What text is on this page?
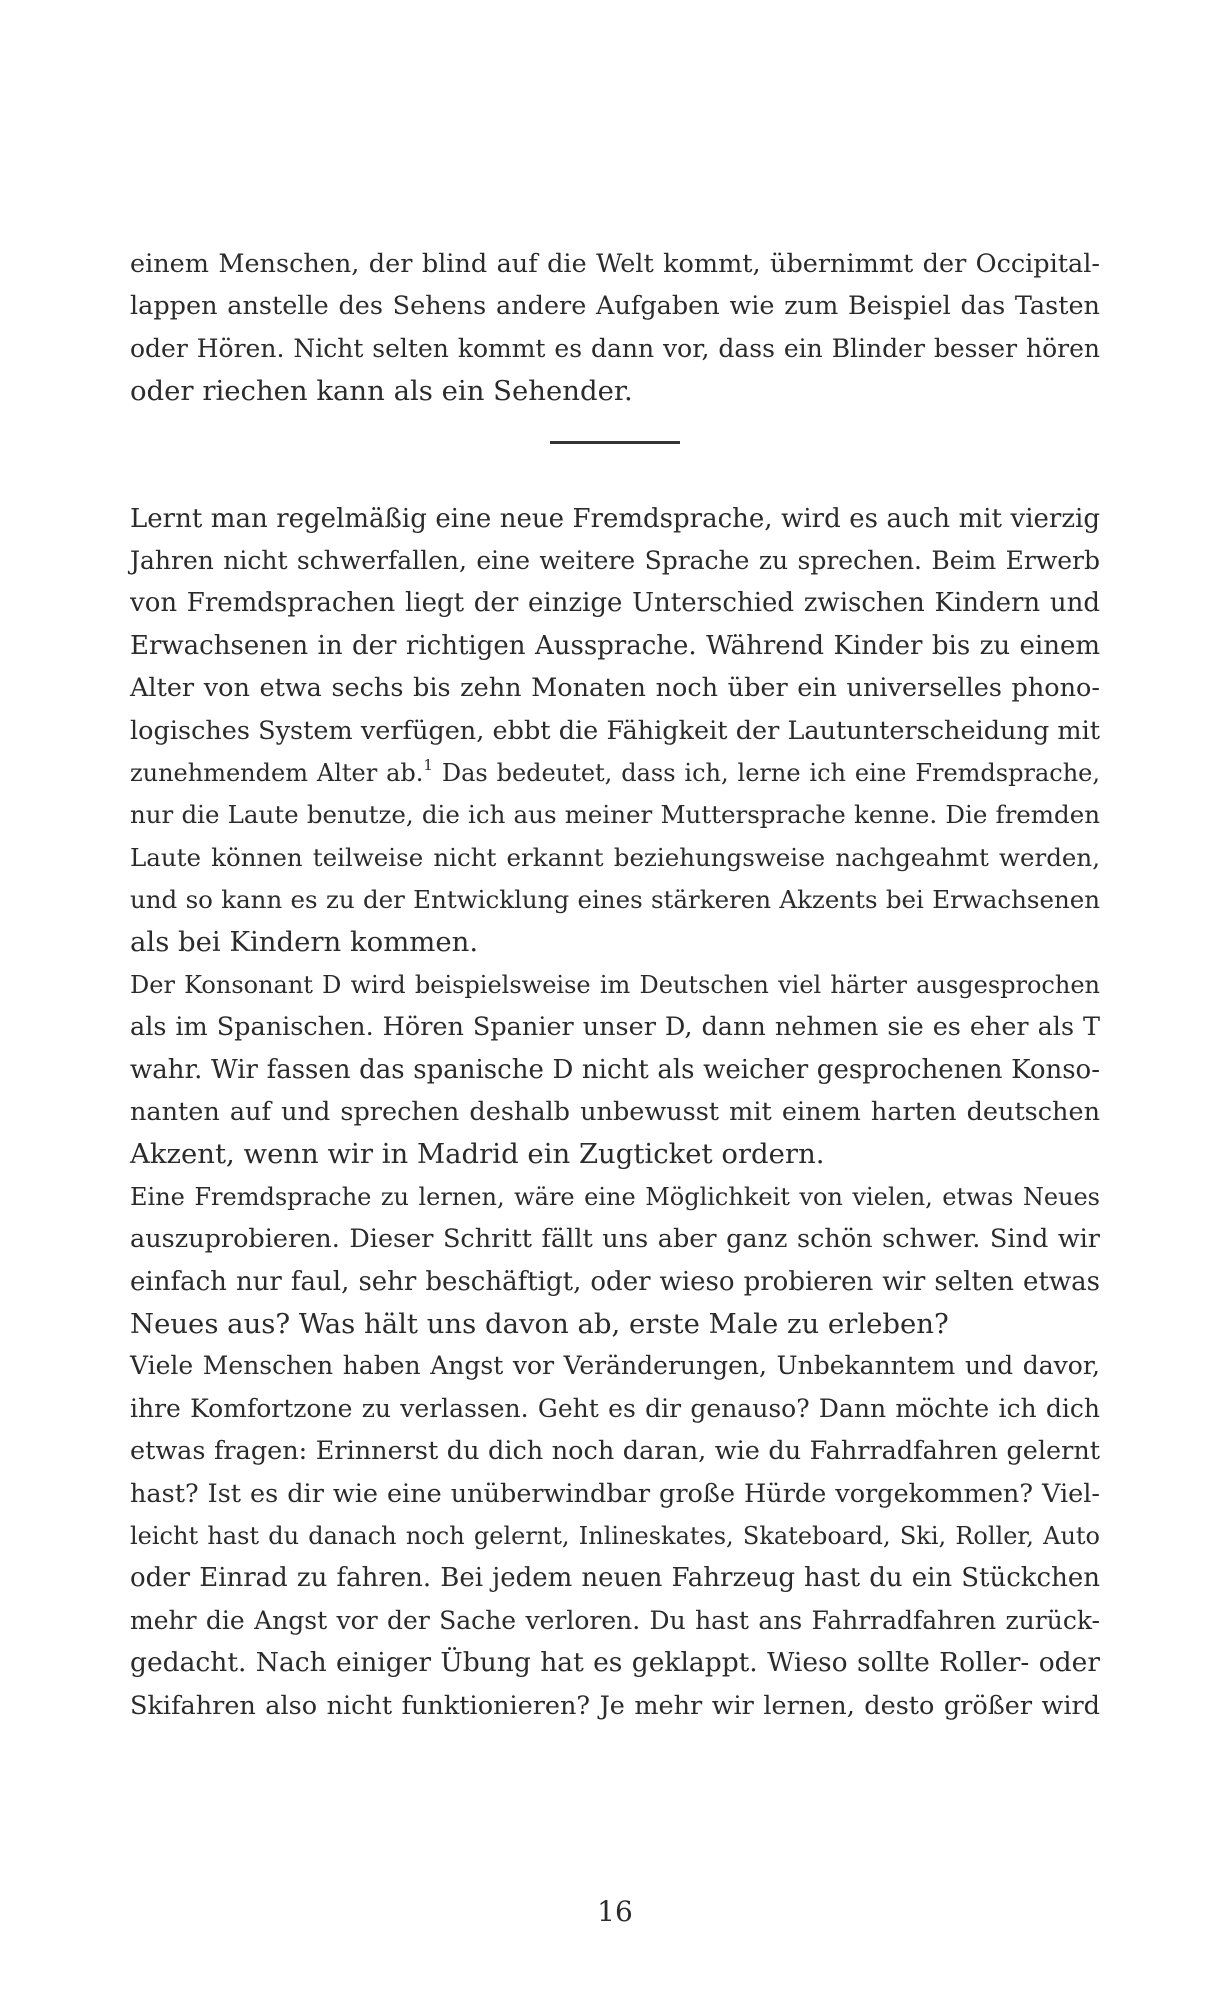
einem Menschen, der blind auf die Welt kommt, übernimmt der Occipital-
lappen anstelle des Sehens andere Aufgaben wie zum Beispiel das Tasten
oder Hören. Nicht selten kommt es dann vor, dass ein Blinder besser hören
oder riechen kann als ein Sehender.
Lernt man regelmäßig eine neue Fremdsprache, wird es auch mit vierzig
Jahren nicht schwerfallen, eine weitere Sprache zu sprechen. Beim Erwerb
von Fremdsprachen liegt der einzige Unterschied zwischen Kindern und
Erwachsenen in der richtigen Aussprache. Während Kinder bis zu einem
Alter von etwa sechs bis zehn Monaten noch über ein universelles phono-
logisches System verfügen, ebbt die Fähigkeit der Lautunterscheidung mit
zunehmendem Alter ab.$^1$ Das bedeutet, dass ich, lerne ich eine Fremdsprache,
nur die Laute benutze, die ich aus meiner Muttersprache kenne. Die fremden
Laute können teilweise nicht erkannt beziehungsweise nachgeahmt werden,
und so kann es zu der Entwicklung eines stärkeren Akzents bei Erwachsenen
als bei Kindern kommen.
Der Konsonant D wird beispielsweise im Deutschen viel härter ausgesprochen
als im Spanischen. Hören Spanier unser D, dann nehmen sie es eher als T
wahr. Wir fassen das spanische D nicht als weicher gesprochenen Konso-
nanten auf und sprechen deshalb unbewusst mit einem harten deutschen
Akzent, wenn wir in Madrid ein Zugticket ordern.
Eine Fremdsprache zu lernen, wäre eine Möglichkeit von vielen, etwas Neues
auszuprobieren. Dieser Schritt fällt uns aber ganz schön schwer. Sind wir
einfach nur faul, sehr beschäftigt, oder wieso probieren wir selten etwas
Neues aus? Was hält uns davon ab, erste Male zu erleben?
Viele Menschen haben Angst vor Veränderungen, Unbekanntem und davor,
ihre Komfortzone zu verlassen. Geht es dir genauso? Dann möchte ich dich
etwas fragen: Erinnerst du dich noch daran, wie du Fahrradfahren gelernt
hast? Ist es dir wie eine unüberwindbar große Hürde vorgekommen? Viel-
leicht hast du danach noch gelernt, Inlineskates, Skateboard, Ski, Roller, Auto
oder Einrad zu fahren. Bei jedem neuen Fahrzeug hast du ein Stückchen
mehr die Angst vor der Sache verloren. Du hast ans Fahrradfahren zurück-
gedacht. Nach einiger Übung hat es geklappt. Wieso sollte Roller- oder
Skifahren also nicht funktionieren? Je mehr wir lernen, desto größer wird
16
